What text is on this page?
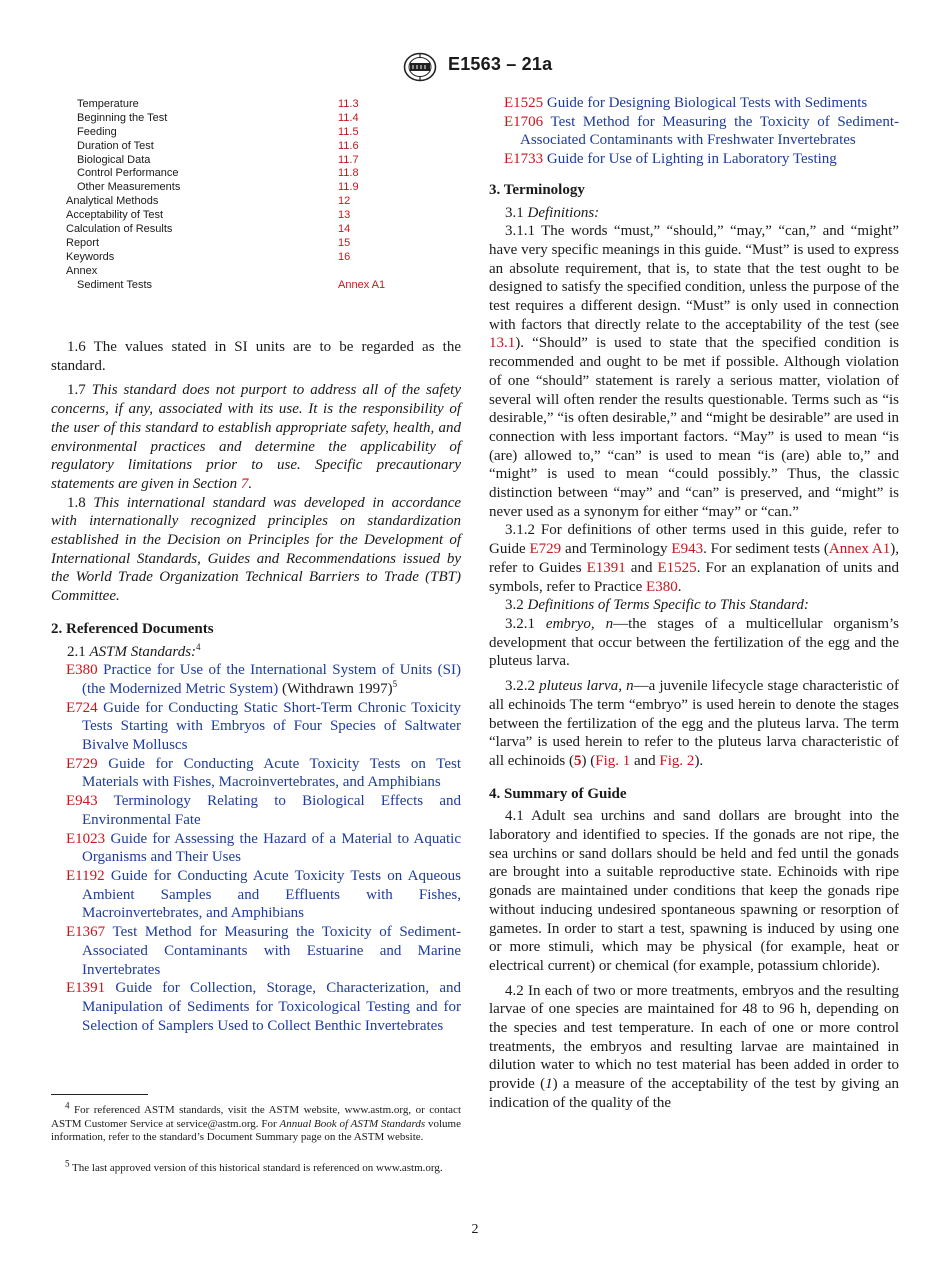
E1563 – 21a
Temperature	11.3
Beginning the Test	11.4
Feeding	11.5
Duration of Test	11.6
Biological Data	11.7
Control Performance	11.8
Other Measurements	11.9
Analytical Methods	12
Acceptability of Test	13
Calculation of Results	14
Report	15
Keywords	16
Annex
Sediment Tests	Annex A1

1.6 The values stated in SI units are to be regarded as the standard.

1.7 This standard does not purport to address all of the safety concerns, if any, associated with its use. It is the responsibility of the user of this standard to establish appropriate safety, health, and environmental practices and determine the applicability of regulatory limitations prior to use. Specific precautionary statements are given in Section 7.

1.8 This international standard was developed in accordance with internationally recognized principles on standardization established in the Decision on Principles for the Development of International Standards, Guides and Recommendations issued by the World Trade Organization Technical Barriers to Trade (TBT) Committee.

2. Referenced Documents

2.1 ASTM Standards:$^4$

E380 Practice for Use of the International System of Units (SI) (the Modernized Metric System) (Withdrawn 1997)$^5$

E724 Guide for Conducting Static Short-Term Chronic Toxicity Tests Starting with Embryos of Four Species of Saltwater Bivalve Molluscs

E729 Guide for Conducting Acute Toxicity Tests on Test Materials with Fishes, Macroinvertebrates, and Amphibians

E943 Terminology Relating to Biological Effects and Environmental Fate

E1023 Guide for Assessing the Hazard of a Material to Aquatic Organisms and Their Uses

E1192 Guide for Conducting Acute Toxicity Tests on Aqueous Ambient Samples and Effluents with Fishes, Macroinvertebrates, and Amphibians

E1367 Test Method for Measuring the Toxicity of Sediment-Associated Contaminants with Estuarine and Marine Invertebrates

E1391 Guide for Collection, Storage, Characterization, and Manipulation of Sediments for Toxicological Testing and for Selection of Samplers Used to Collect Benthic Invertebrates

$^4$ For referenced ASTM standards, visit the ASTM website, www.astm.org, or contact ASTM Customer Service at service@astm.org. For Annual Book of ASTM Standards volume information, refer to the standard’s Document Summary page on the ASTM website.
$^5$ The last approved version of this historical standard is referenced on www.astm.org.

E1525 Guide for Designing Biological Tests with Sediments

E1706 Test Method for Measuring the Toxicity of Sediment-Associated Contaminants with Freshwater Invertebrates

E1733 Guide for Use of Lighting in Laboratory Testing

3. Terminology

3.1 Definitions:

3.1.1 The words “must,” “should,” “may,” “can,” and “might” have very specific meanings in this guide. “Must” is used to express an absolute requirement, that is, to state that the test ought to be designed to satisfy the specified condition, unless the purpose of the test requires a different design. “Must” is only used in connection with factors that directly relate to the acceptability of the test (see 13.1). “Should” is used to state that the specified condition is recommended and ought to be met if possible. Although violation of one “should” statement is rarely a serious matter, violation of several will often render the results questionable. Terms such as “is desirable,” “is often desirable,” and “might be desirable” are used in connection with less important factors. “May” is used to mean “is (are) allowed to,” “can” is used to mean “is (are) able to,” and “might” is used to mean “could possibly.” Thus, the classic distinction between “may” and “can” is preserved, and “might” is never used as a synonym for either “may” or “can.”

3.1.2 For definitions of other terms used in this guide, refer to Guide E729 and Terminology E943. For sediment tests (Annex A1), refer to Guides E1391 and E1525. For an explanation of units and symbols, refer to Practice E380.

3.2 Definitions of Terms Specific to This Standard:

3.2.1 embryo, n—the stages of a multicellular organism’s development that occur between the fertilization of the egg and the pluteus larva.

3.2.2 pluteus larva, n—a juvenile lifecycle stage characteristic of all echinoids The term “embryo” is used herein to denote the stages between the fertilization of the egg and the pluteus larva. The term “larva” is used herein to refer to the pluteus larva characteristic of all echinoids (5) (Fig. 1 and Fig. 2).

4. Summary of Guide

4.1 Adult sea urchins and sand dollars are brought into the laboratory and identified to species. If the gonads are not ripe, the sea urchins or sand dollars should be held and fed until the gonads are brought into a suitable reproductive state. Echinoids with ripe gonads are maintained under conditions that keep the gonads ripe without inducing undesired spontaneous spawning or resorption of gametes. In order to start a test, spawning is induced by using one or more stimuli, which may be physical (for example, heat or electrical current) or chemical (for example, potassium chloride).

4.2 In each of two or more treatments, embryos and the resulting larvae of one species are maintained for 48 to 96 h, depending on the species and test temperature. In each of one or more control treatments, the embryos and resulting larvae are maintained in dilution water to which no test material has been added in order to provide (1) a measure of the acceptability of the test by giving an indication of the quality of the

2
